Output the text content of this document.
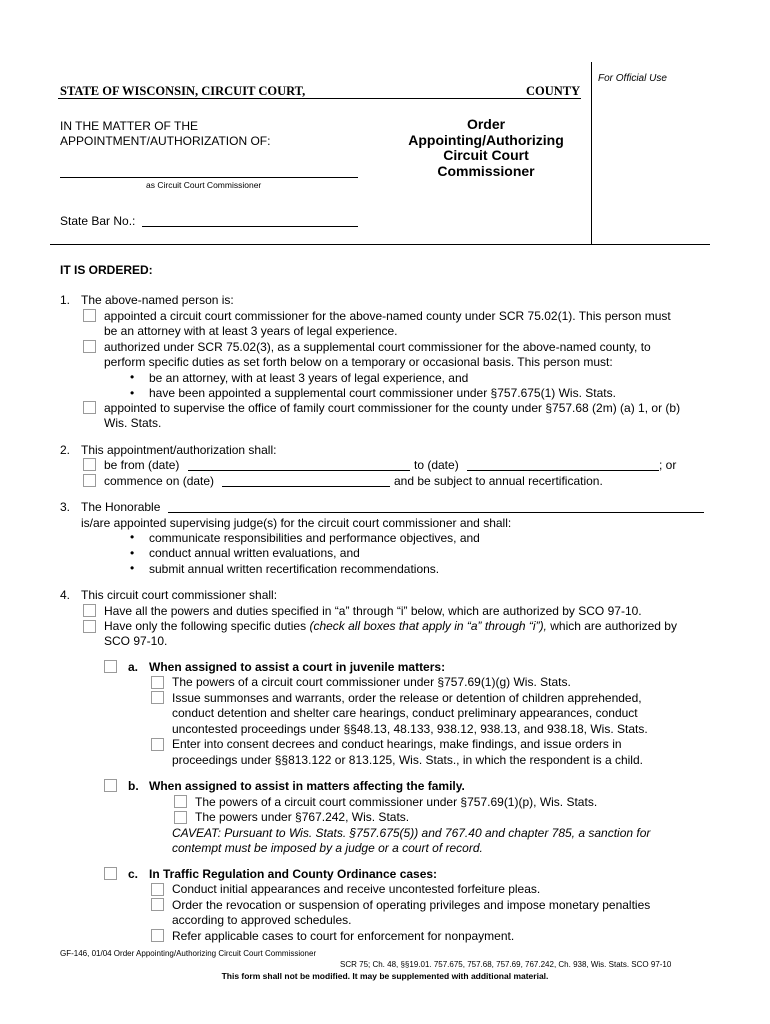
For Official Use
STATE OF WISCONSIN, CIRCUIT COURT,	COUNTY
IN THE MATTER OF THE
APPOINTMENT/AUTHORIZATION OF:
as Circuit Court Commissioner
State Bar No.:
Order
Appointing/Authorizing
Circuit Court
Commissioner
IT IS ORDERED:
1. The above-named person is:
appointed a circuit court commissioner for the above-named county under SCR 75.02(1). This person must
be an attorney with at least 3 years of legal experience.
authorized under SCR 75.02(3), as a supplemental court commissioner for the above-named county, to
perform specific duties as set forth below on a temporary or occasional basis. This person must:
• be an attorney, with at least 3 years of legal experience, and
• have been appointed a supplemental court commissioner under §757.675(1) Wis. Stats.
appointed to supervise the office of family court commissioner for the county under §757.68 (2m) (a) 1, or (b)
Wis. Stats.
2. This appointment/authorization shall:
be from (date)	to (date)	; or
commence on (date)	and be subject to annual recertification.
3. The Honorable
is/are appointed supervising judge(s) for the circuit court commissioner and shall:
• communicate responsibilities and performance objectives, and
• conduct annual written evaluations, and
• submit annual written recertification recommendations.
4. This circuit court commissioner shall:
Have all the powers and duties specified in “a” through “i” below, which are authorized by SCO 97-10.
Have only the following specific duties (check all boxes that apply in “a” through “i”), which are authorized by
SCO 97-10.
a. When assigned to assist a court in juvenile matters:
The powers of a circuit court commissioner under §757.69(1)(g) Wis. Stats.
Issue summonses and warrants, order the release or detention of children apprehended,
conduct detention and shelter care hearings, conduct preliminary appearances, conduct
uncontested proceedings under §§48.13, 48.133, 938.12, 938.13, and 938.18, Wis. Stats.
Enter into consent decrees and conduct hearings, make findings, and issue orders in
proceedings under §§813.122 or 813.125, Wis. Stats., in which the respondent is a child.
b. When assigned to assist in matters affecting the family.
The powers of a circuit court commissioner under §757.69(1)(p), Wis. Stats.
The powers under §767.242, Wis. Stats.
CAVEAT: Pursuant to Wis. Stats. §757.675(5)) and 767.40 and chapter 785, a sanction for
contempt must be imposed by a judge or a court of record.
c. In Traffic Regulation and County Ordinance cases:
Conduct initial appearances and receive uncontested forfeiture pleas.
Order the revocation or suspension of operating privileges and impose monetary penalties
according to approved schedules.
Refer applicable cases to court for enforcement for nonpayment.
GF-146, 01/04 Order Appointing/Authorizing Circuit Court Commissioner
SCR 75; Ch. 48, §§19.01. 757.675, 757.68, 757.69, 767.242, Ch. 938, Wis. Stats. SCO 97-10
This form shall not be modified. It may be supplemented with additional material.
